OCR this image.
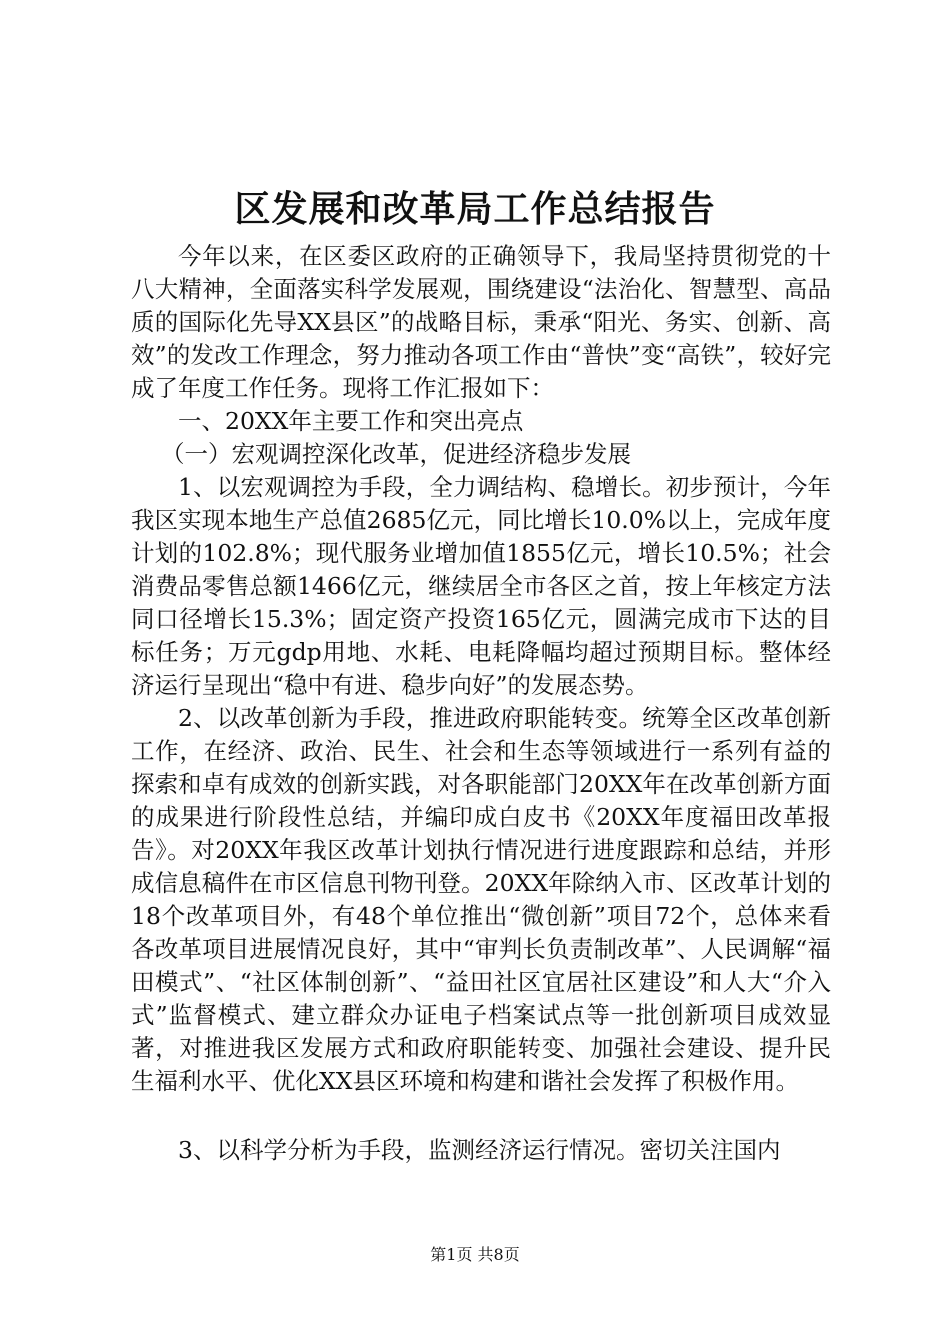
区发展和改革局工作总结报告

今年以来，在区委区政府的正确领导下，我局坚持贯彻党的十八大精神，全面落实科学发展观，围绕建设“法治化、智慧型、高品质的国际化先导XX县区”的战略目标，秉承“阳光、务实、创新、高效”的发改工作理念，努力推动各项工作由“普快”变“高铁”，较好完成了年度工作任务。现将工作汇报如下：

一、20XX年主要工作和突出亮点

（一）宏观调控深化改革，促进经济稳步发展

1、以宏观调控为手段，全力调结构、稳增长。初步预计，今年我区实现本地生产总值2685亿元，同比增长10.0%以上，完成年度计划的102.8%；现代服务业增加值1855亿元，增长10.5%；社会消费品零售总额1466亿元，继续居全市各区之首，按上年核定方法同口径增长15.3%；固定资产投资165亿元，圆满完成市下达的目标任务；万元gdp用地、水耗、电耗降幅均超过预期目标。整体经济运行呈现出“稳中有进、稳步向好”的发展态势。

2、以改革创新为手段，推进政府职能转变。统筹全区改革创新工作，在经济、政治、民生、社会和生态等领域进行一系列有益的探索和卓有成效的创新实践，对各职能部门20XX年在改革创新方面的成果进行阶段性总结，并编印成白皮书《20XX年度福田改革报告》。对20XX年我区改革计划执行情况进行进度跟踪和总结，并形成信息稿件在市区信息刊物刊登。20XX年除纳入市、区改革计划的18个改革项目外，有48个单位推出“微创新”项目72个，总体来看各改革项目进展情况良好，其中“审判长负责制改革”、人民调解“福田模式”、“社区体制创新”、“益田社区宜居社区建设”和人大“介入式”监督模式、建立群众办证电子档案试点等一批创新项目成效显著，对推进我区发展方式和政府职能转变、加强社会建设、提升民生福利水平、优化XX县区环境和构建和谐社会发挥了积极作用。

3、以科学分析为手段，监测经济运行情况。密切关注国内

第1页 共8页
